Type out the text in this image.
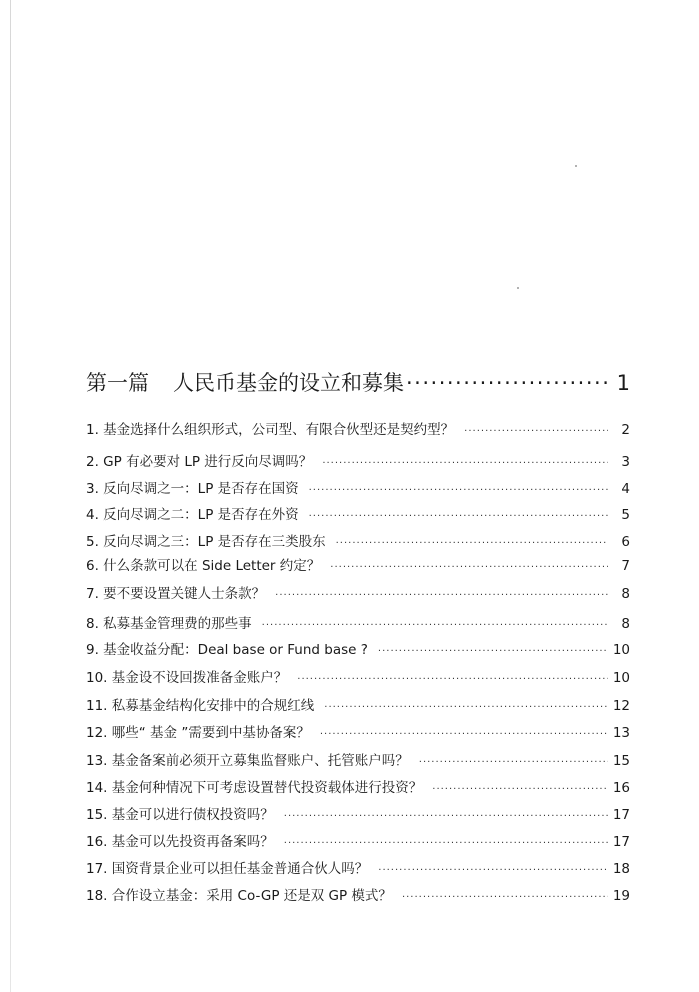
第一篇 人民币基金的设立和募集 ·····	1
1. 基金选择什么组织形式，公司型、有限合伙型还是契约型？ ·····	2
2. GP 有必要对 LP 进行反向尽调吗？ ·····	3
3. 反向尽调之一：LP 是否存在国资 ·····	4
4. 反向尽调之二：LP 是否存在外资 ·····	5
5. 反向尽调之三：LP 是否存在三类股东 ·····	6
6. 什么条款可以在 Side Letter 约定？ ·····	7
7. 要不要设置关键人士条款？ ·····	8
8. 私募基金管理费的那些事 ·····	8
9. 基金收益分配：Deal base or Fund base ? ·····	10
10. 基金设不设回拨准备金账户？ ·····	10
11. 私募基金结构化安排中的合规红线 ·····	12
12. 哪些“ 基金 ”需要到中基协备案？ ·····	13
13. 基金备案前必须开立募集监督账户、托管账户吗？ ·····	15
14. 基金何种情况下可考虑设置替代投资载体进行投资？ ·····	16
15. 基金可以进行债权投资吗？ ·····	17
16. 基金可以先投资再备案吗？ ·····	17
17. 国资背景企业可以担任基金普通合伙人吗？ ·····	18
18. 合作设立基金：采用 Co-GP 还是双 GP 模式？ ·····	19
